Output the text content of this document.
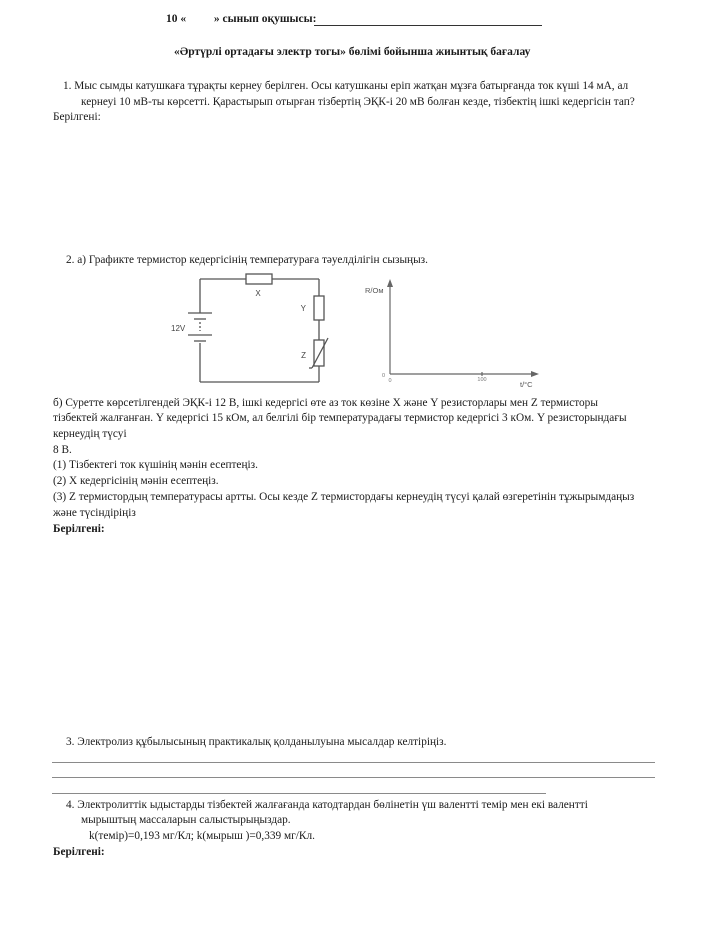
10 « » сынып оқушысы:
«Әртүрлі ортадағы электр тогы» бөлімі бойынша жиынтық бағалау
1. Мыс сымды катушкаға тұрақты кернеу берілген. Осы катушканы еріп жатқан мұзға батырғанда ток күші 14 мА, ал
кернеуі 10 мВ-ты көрсетті. Қарастырып отырған тізбертің ЭҚК-і 20 мВ болған кезде, тізбектің ішкі кедергісін тап?
Берілгені:
2. а) Графикте термистор кедергісінің температураға тәуелділігін сызыңыз.
X
Y
Z
12V
R/Ом
t/°C
0
0	100
б) Суретте көрсетілгендей ЭҚК-і 12 В, ішкі кедергісі өте аз ток көзіне X және Y резисторлары мен Z термисторы
тізбектей жалғанған. Y кедергісі 15 кОм, ал белгілі бір температурадағы термистор кедергісі 3 кОм. Y резисторындағы
кернеудің түсуі
8 В.
(1) Тізбектегі ток күшінің мәнін есептеңіз.
(2) X кедергісінің мәнін есептеңіз.
(3) Z термистордың температурасы артты. Осы кезде Z термистордағы кернеудің түсуі қалай өзгеретінін тұжырымдаңыз
және түсіндіріңіз
Берілгені:
3. Электролиз құбылысының практикалық қолданылуына мысалдар келтіріңіз.
4. Электролиттік ыдыстарды тізбектей жалғағанда катодтардан бөлінетін үш валентті темір мен екі валентті
мырыштың массаларын салыстырыңыздар.
k(темір)=0,193 мг/Кл; k(мырыш )=0,339 мг/Кл.
Берілгені:
